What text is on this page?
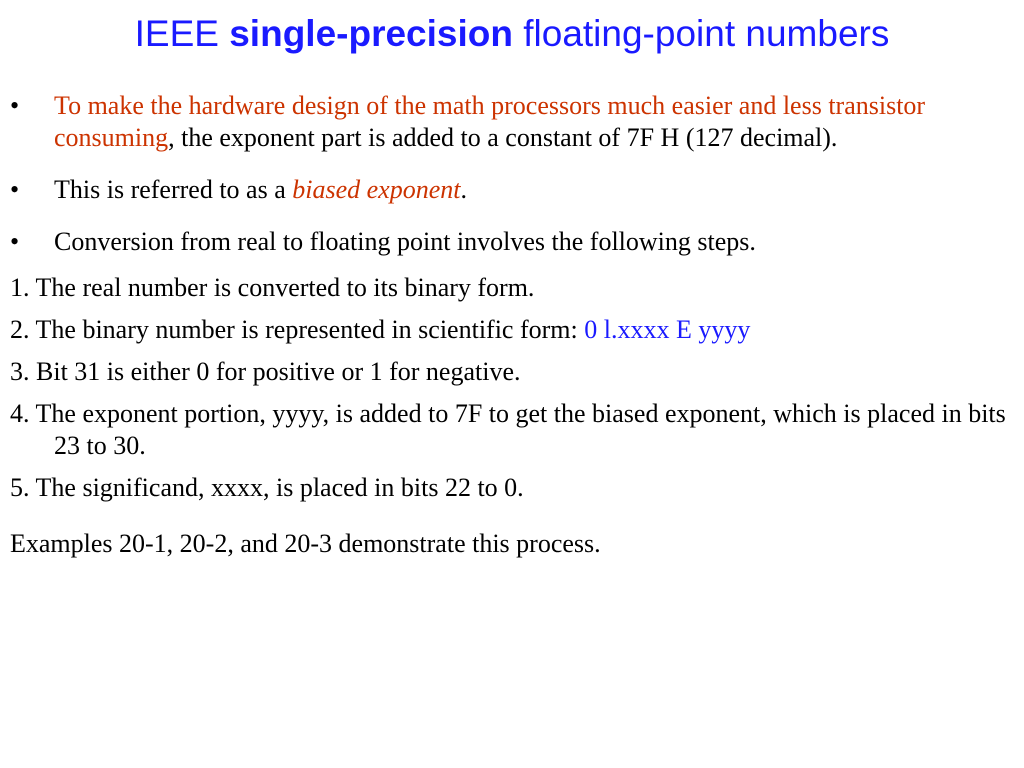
IEEE single-precision floating-point numbers
• To make the hardware design of the math processors much easier and less transistor consuming, the exponent part is added to a constant of 7F H (127 decimal).
• This is referred to as a biased exponent.
• Conversion from real to floating point involves the following steps.
1. The real number is converted to its binary form.
2. The binary number is represented in scientific form: 0 l.xxxx E yyyy
3. Bit 31 is either 0 for positive or 1 for negative.
4. The exponent portion, yyyy, is added to 7F to get the biased exponent, which is placed in bits 23 to 30.
5. The significand, xxxx, is placed in bits 22 to 0.
Examples 20-1, 20-2, and 20-3 demonstrate this process.
